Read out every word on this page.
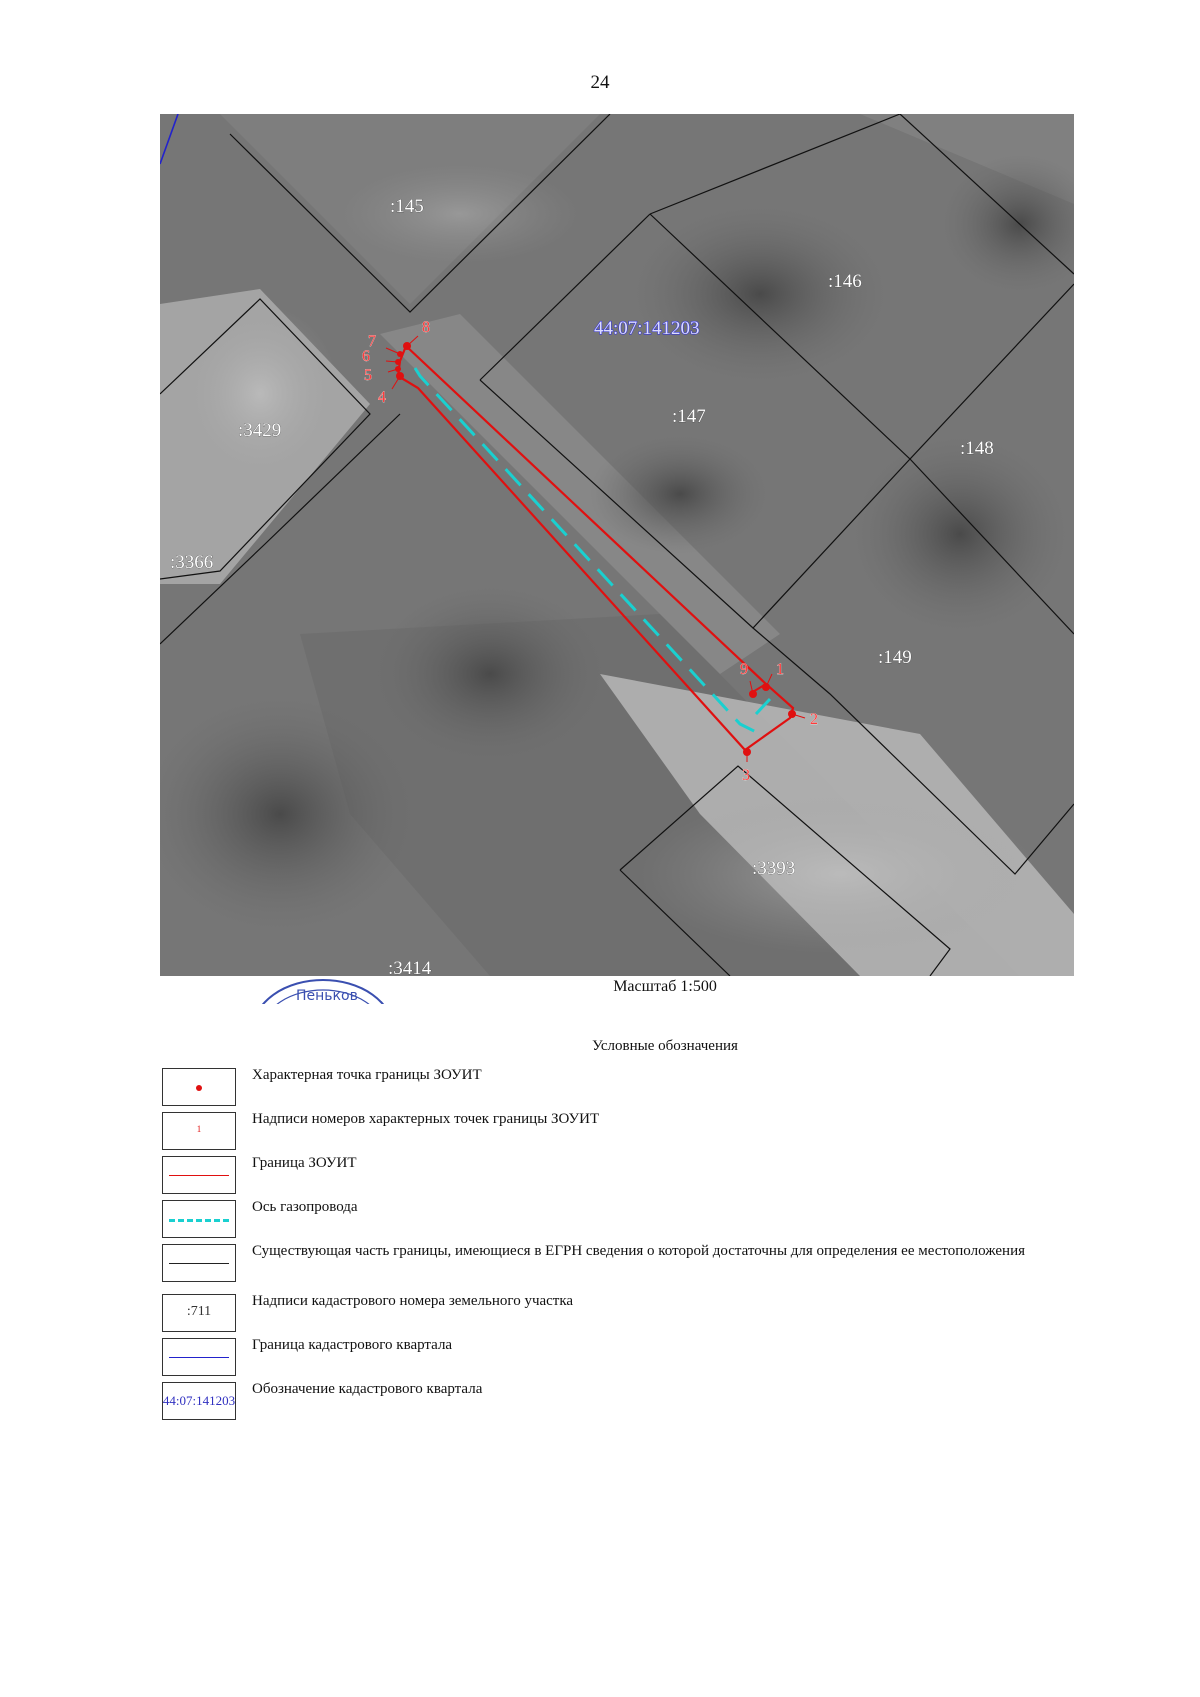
24
1
2
3
4
5
6
7
8
9
:145
:146
:147
:148
:149
:3429
:3366
:3393
:3414
44:07:141203
Пеньков
Масштаб 1:500
Условные обозначения
Характерная точка границы ЗОУИТ
1
Надписи номеров характерных точек границы ЗОУИТ
Граница ЗОУИТ
Ось газопровода
Существующая часть границы, имеющиеся в ЕГРН сведения о которой достаточны для определения ее местоположения
:711
Надписи кадастрового номера земельного участка
Граница кадастрового квартала
44:07:141203
Обозначение кадастрового квартала
